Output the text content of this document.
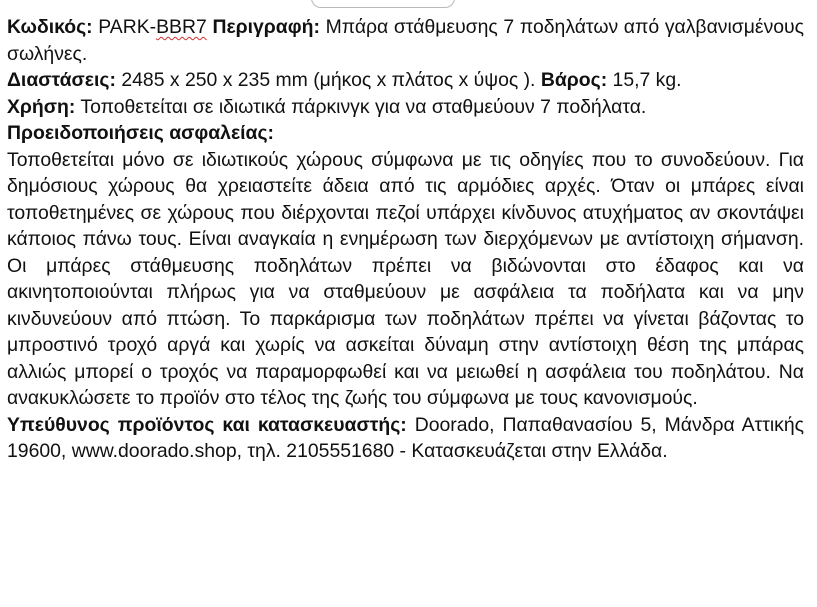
Κωδικός: PARK-BBR7 Περιγραφή: Μπάρα στάθμευσης 7 ποδηλάτων από γαλβανισμένους σωλήνες.

Διαστάσεις: 2485 x 250 x 235 mm (μήκος x πλάτος x ύψος ). Βάρος: 15,7 kg.

Χρήση: Τοποθετείται σε ιδιωτικά πάρκινγκ για να σταθμεύουν 7 ποδήλατα.

Προειδοποιήσεις ασφαλείας:

Τοποθετείται μόνο σε ιδιωτικούς χώρους σύμφωνα με τις οδηγίες που το συνοδεύουν. Για δημόσιους χώρους θα χρειαστείτε άδεια από τις αρμόδιες αρχές. Όταν οι μπάρες είναι τοποθετημένες σε χώρους που διέρχονται πεζοί υπάρχει κίνδυνος ατυχήματος αν σκοντάψει κάποιος πάνω τους. Είναι αναγκαία η ενημέρωση των διερχόμενων με αντίστοιχη σήμανση. Οι μπάρες στάθμευσης ποδηλάτων πρέπει να βιδώνονται στο έδαφος και να ακινητοποιούνται πλήρως για να σταθμεύουν με ασφάλεια τα ποδήλατα και να μην κινδυνεύουν από πτώση. Το παρκάρισμα των ποδηλάτων πρέπει να γίνεται βάζοντας το μπροστινό τροχό αργά και χωρίς να ασκείται δύναμη στην αντίστοιχη θέση της μπάρας αλλιώς μπορεί ο τροχός να παραμορφωθεί και να μειωθεί η ασφάλεια του ποδηλάτου. Να ανακυκλώσετε το προϊόν στο τέλος της ζωής του σύμφωνα με τους κανονισμούς.

Υπεύθυνος προϊόντος και κατασκευαστής: Doorado, Παπαθανασίου 5, Μάνδρα Αττικής 19600, www.doorado.shop, τηλ. 2105551680 - Κατασκευάζεται στην Ελλάδα.
